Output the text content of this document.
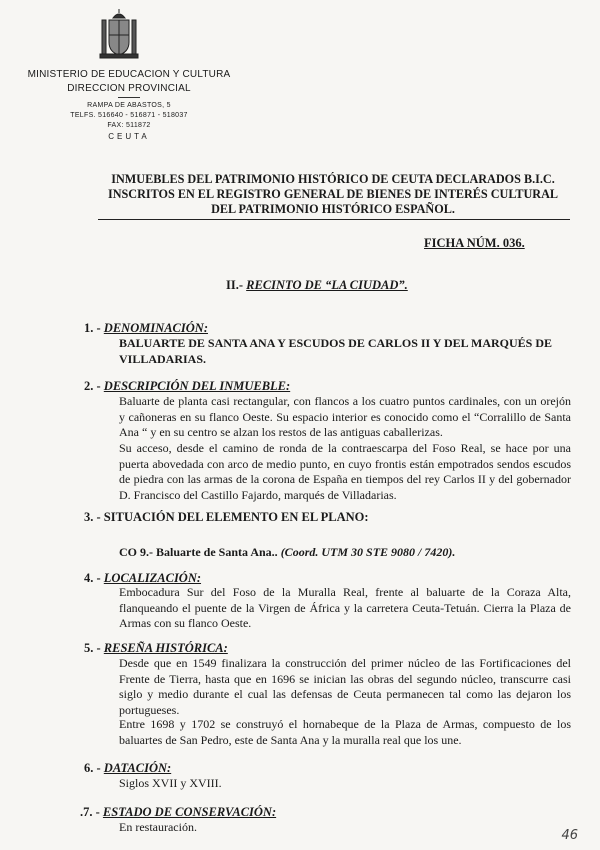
MINISTERIO DE EDUCACION Y CULTURA
DIRECCION PROVINCIAL
RAMPA DE ABASTOS, 5
TELFS. 516640 - 516871 - 518037
FAX: 511872
CEUTA
INMUEBLES DEL PATRIMONIO HISTÓRICO DE CEUTA DECLARADOS B.I.C. INSCRITOS EN EL REGISTRO GENERAL DE BIENES DE INTERÉS CULTURAL DEL PATRIMONIO HISTÓRICO ESPAÑOL.
FICHA NÚM. 036.
II.- RECINTO DE “LA CIUDAD”.
1. - DENOMINACIÓN:
BALUARTE DE SANTA ANA Y ESCUDOS DE CARLOS II Y DEL MARQUÉS DE VILLADARIAS.
2. - DESCRIPCIÓN DEL INMUEBLE:
Baluarte de planta casi rectangular, con flancos a los cuatro puntos cardinales, con un orejón y cañoneras en su flanco Oeste. Su espacio interior es conocido como el “Corralillo de Santa Ana “ y en su centro se alzan los restos de las antiguas caballerizas.
Su acceso, desde el camino de ronda de la contraescarpa del Foso Real, se hace por una puerta abovedada con arco de medio punto, en cuyo frontis están empotrados sendos escudos de piedra con las armas de la corona de España en tiempos del rey Carlos II y del gobernador D. Francisco del Castillo Fajardo, marqués de Villadarias.
3. - SITUACIÓN DEL ELEMENTO EN EL PLANO:
CO 9.- Baluarte de Santa Ana.. (Coord. UTM 30 STE 9080 / 7420).
4. - LOCALIZACIÓN:
Embocadura Sur del Foso de la Muralla Real, frente al baluarte de la Coraza Alta, flanqueando el puente de la Virgen de África y la carretera Ceuta-Tetuán. Cierra la Plaza de Armas con su flanco Oeste.
5. - RESEÑA HISTÓRICA:
Desde que en 1549 finalizara la construcción del primer núcleo de las Fortificaciones del Frente de Tierra, hasta que en 1696 se inician las obras del segundo núcleo, transcurre casi siglo y medio durante el cual las defensas de Ceuta permanecen tal como las dejaron los portugueses.
Entre 1698 y 1702 se construyó el hornabeque de la Plaza de Armas, compuesto de los baluartes de San Pedro, este de Santa Ana y la muralla real que los une.
6. - DATACIÓN:
Siglos XVII y XVIII.
.7. - ESTADO DE CONSERVACIÓN:
En restauración.
46
